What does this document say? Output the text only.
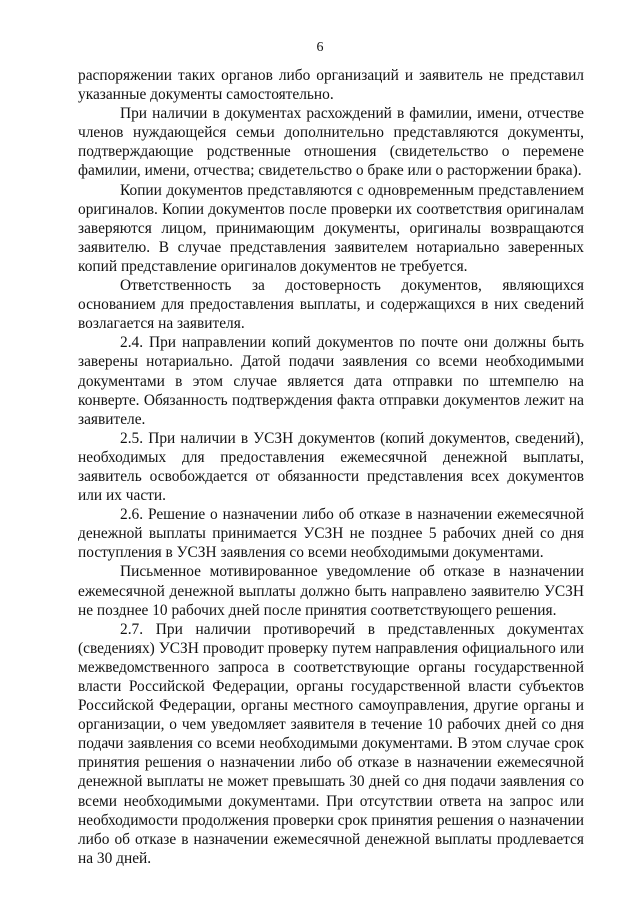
6

распоряжении таких органов либо организаций и заявитель не представил указанные документы самостоятельно.

При наличии в документах расхождений в фамилии, имени, отчестве членов нуждающейся семьи дополнительно представляются документы, подтверждающие родственные отношения (свидетельство о перемене фамилии, имени, отчества; свидетельство о браке или о расторжении брака).

Копии документов представляются с одновременным представлением оригиналов. Копии документов после проверки их соответствия оригиналам заверяются лицом, принимающим документы, оригиналы возвращаются заявителю. В случае представления заявителем нотариально заверенных копий представление оригиналов документов не требуется.

Ответственность за достоверность документов, являющихся основанием для предоставления выплаты, и содержащихся в них сведений возлагается на заявителя.

2.4. При направлении копий документов по почте они должны быть заверены нотариально. Датой подачи заявления со всеми необходимыми документами в этом случае является дата отправки по штемпелю на конверте. Обязанность подтверждения факта отправки документов лежит на заявителе.

2.5. При наличии в УСЗН документов (копий документов, сведений), необходимых для предоставления ежемесячной денежной выплаты, заявитель освобождается от обязанности представления всех документов или их части.

2.6. Решение о назначении либо об отказе в назначении ежемесячной денежной выплаты принимается УСЗН не позднее 5 рабочих дней со дня поступления в УСЗН заявления со всеми необходимыми документами.

Письменное мотивированное уведомление об отказе в назначении ежемесячной денежной выплаты должно быть направлено заявителю УСЗН не позднее 10 рабочих дней после принятия соответствующего решения.

2.7. При наличии противоречий в представленных документах (сведениях) УСЗН проводит проверку путем направления официального или межведомственного запроса в соответствующие органы государственной власти Российской Федерации, органы государственной власти субъектов Российской Федерации, органы местного самоуправления, другие органы и организации, о чем уведомляет заявителя в течение 10 рабочих дней со дня подачи заявления со всеми необходимыми документами. В этом случае срок принятия решения о назначении либо об отказе в назначении ежемесячной денежной выплаты не может превышать 30 дней со дня подачи заявления со всеми необходимыми документами. При отсутствии ответа на запрос или необходимости продолжения проверки срок принятия решения о назначении либо об отказе в назначении ежемесячной денежной выплаты продлевается на 30 дней.
